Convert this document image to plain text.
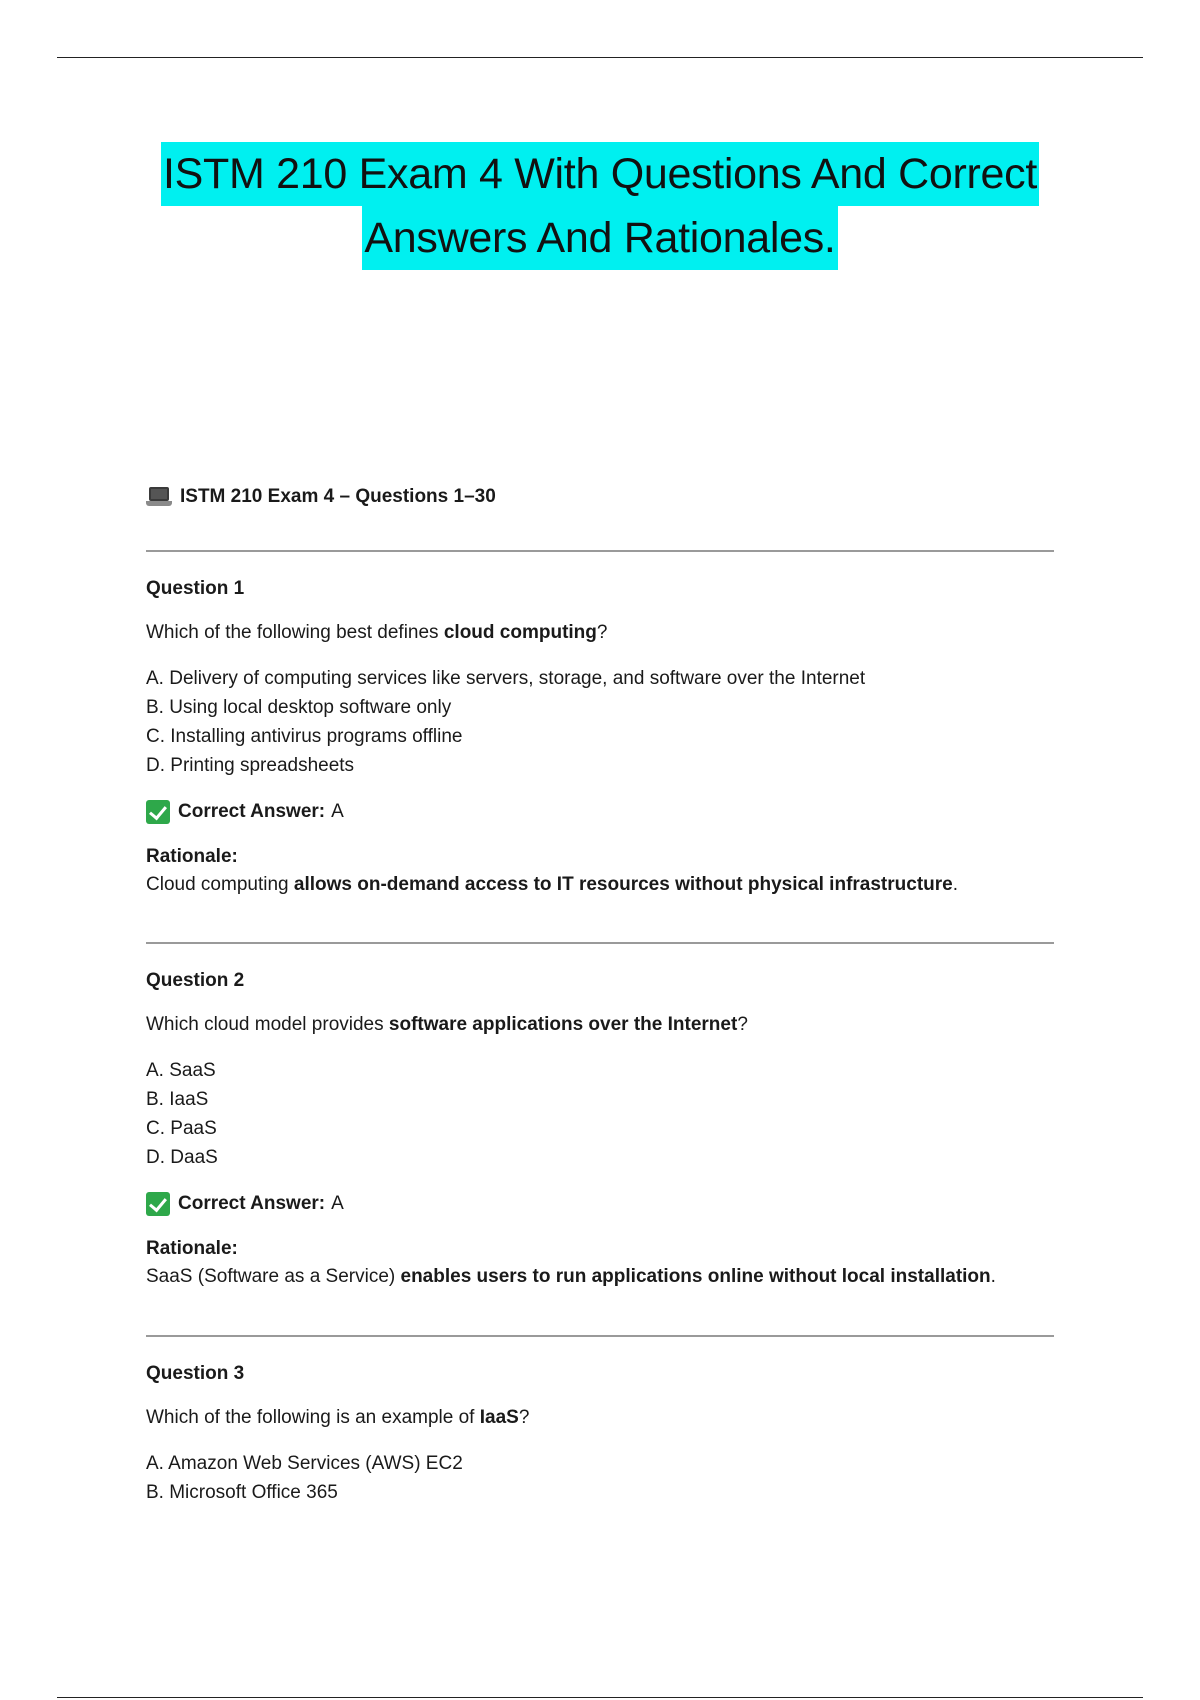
ISTM 210 Exam 4 With Questions And Correct
Answers And Rationales.
ISTM 210 Exam 4 – Questions 1–30
Question 1
Which of the following best defines cloud computing?
A. Delivery of computing services like servers, storage, and software over the Internet
B. Using local desktop software only
C. Installing antivirus programs offline
D. Printing spreadsheets
Correct Answer: A
Rationale:
Cloud computing allows on-demand access to IT resources without physical infrastructure.
Question 2
Which cloud model provides software applications over the Internet?
A. SaaS
B. IaaS
C. PaaS
D. DaaS
Correct Answer: A
Rationale:
SaaS (Software as a Service) enables users to run applications online without local installation.
Question 3
Which of the following is an example of IaaS?
A. Amazon Web Services (AWS) EC2
B. Microsoft Office 365
